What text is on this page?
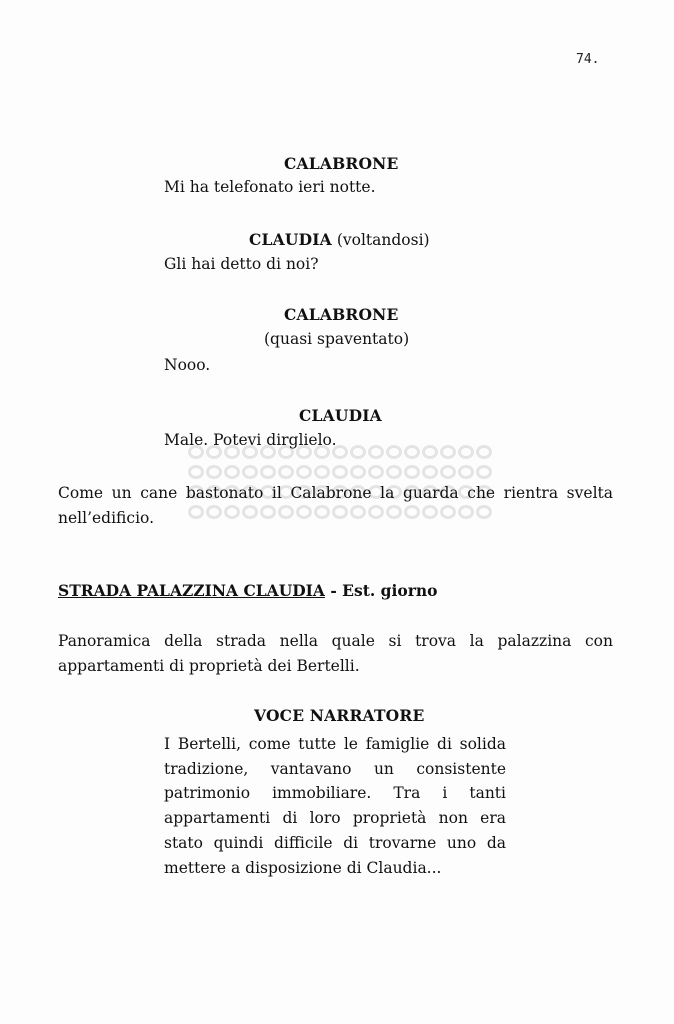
74.
CALABRONE
Mi ha telefonato ieri notte.
CLAUDIA (voltandosi)
Gli hai detto di noi?
CALABRONE
(quasi spaventato)
Nooo.
CLAUDIA
Male. Potevi dirglielo.
Come un cane bastonato il Calabrone la guarda che rientra svelta nell’edificio.
STRADA PALAZZINA CLAUDIA - Est. giorno
Panoramica della strada nella quale si trova la palazzina con appartamenti di proprietà dei Bertelli.
VOCE NARRATORE
I Bertelli, come tutte le famiglie di solida tradizione, vantavano un consistente patrimonio immobiliare. Tra i tanti appartamenti di loro proprietà non era stato quindi difficile di trovarne uno da mettere a disposizione di Claudia...
